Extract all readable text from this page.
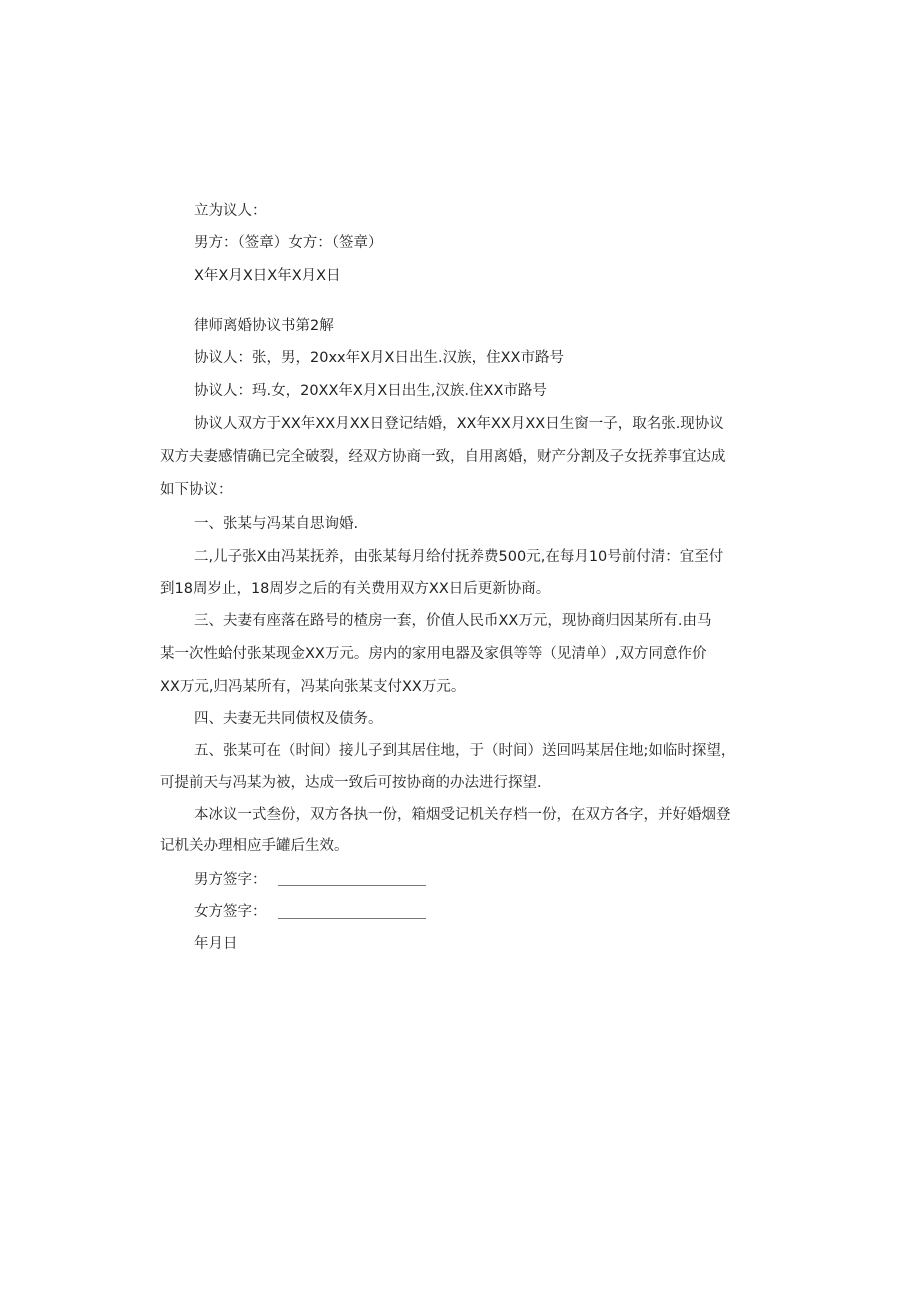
立为议人：
男方：（签章）女方：（签章）
X年X月X日X年X月X日
律师离婚协议书第2解
协议人：张，男，20xx年X月X日出生.汉族，住XX市路号
协议人：玛.女，20XX年X月X日出生,汉族.住XX市路号
协议人双方于XX年XX月XX日登记结婚，XX年XX月XX日生窗一子，取名张.现协议
双方夫妻感情确已完全破裂，经双方协商一致，自用离婚，财产分割及子女抚养事宜达成
如下协议：
一、张某与冯某自思询婚.
二,儿子张X由冯某抚养，由张某每月给付抚养费500元,在每月10号前付清：宜至付
到18周岁止，18周岁之后的有关费用双方XX日后更新协商。
三、夫妻有座落在路号的楂房一套，价值人民币XX万元，现协商归因某所有.由马
某一次性蛤付张某现金XX万元。房内的家用电器及家俱等等（见清单）,双方同意作价
XX万元,归冯某所有，冯某向张某支付XX万元。
四、夫妻无共同债权及债务。
五、张某可在（时间）接儿子到其居住地，于（时间）送回吗某居住地;如临时探望，
可提前天与冯某为被，达成一致后可按协商的办法进行探望.
本冰议一式叁份，双方各执一份，箱烟受记机关存档一份，在双方各字，并好婚烟登
记机关办理相应手罐后生效。
男方签字：
女方签字：
年月日
